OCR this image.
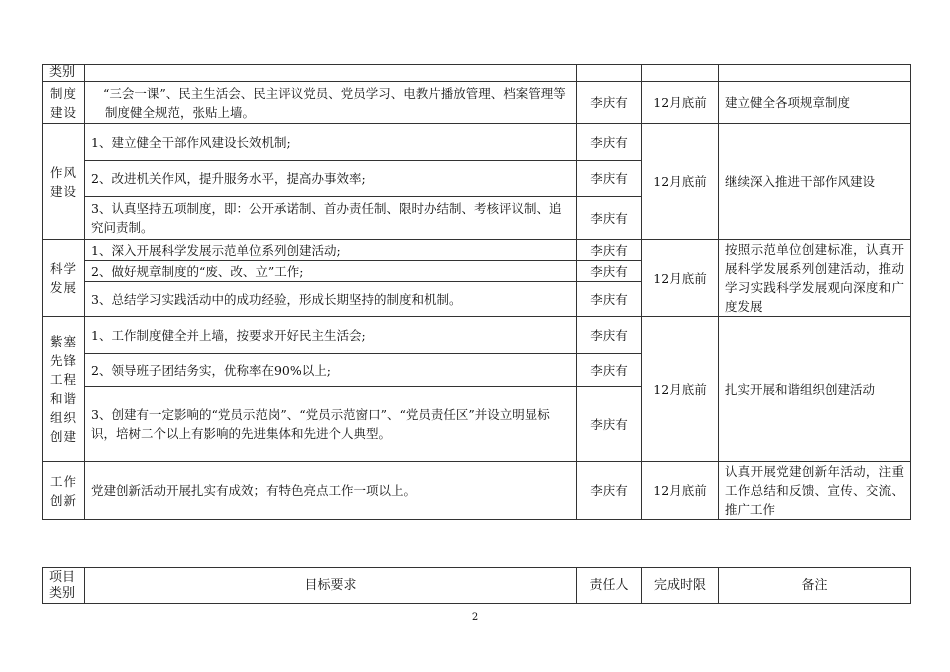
类别				
制度建设	“三会一课”、民主生活会、民主评议党员、党员学习、电教片播放管理、档案管理等制度健全规范，张贴上墙。	李庆有	12月底前	建立健全各项规章制度
作风建设	1、建立健全干部作风建设长效机制;	李庆有	12月底前	继续深入推进干部作风建设
	2、改进机关作风，提升服务水平，提高办事效率;	李庆有		
	3、认真坚持五项制度，即：公开承诺制、首办责任制、限时办结制、考核评议制、追究问责制。	李庆有		
科学发展	1、深入开展科学发展示范单位系列创建活动;	李庆有	12月底前	按照示范单位创建标准，认真开展科学发展系列创建活动，推动学习实践科学发展观向深度和广度发展
	2、做好规章制度的“废、改、立”工作;	李庆有		
	3、总结学习实践活动中的成功经验，形成长期坚持的制度和机制。	李庆有		
紫塞先锋工程和谐组织创建	1、工作制度健全并上墙，按要求开好民主生活会;	李庆有	12月底前	扎实开展和谐组织创建活动
	2、领导班子团结务实，优称率在90%以上;	李庆有		
	3、创建有一定影响的“党员示范岗”、“党员示范窗口”、“党员责任区”并设立明显标识，培树二个以上有影响的先进集体和先进个人典型。	李庆有		
工作创新	党建创新活动开展扎实有成效；有特色亮点工作一项以上。	李庆有	12月底前	认真开展党建创新年活动，注重工作总结和反馈、宣传、交流、推广工作
项目类别	目标要求	责任人	完成时限	备注
2
